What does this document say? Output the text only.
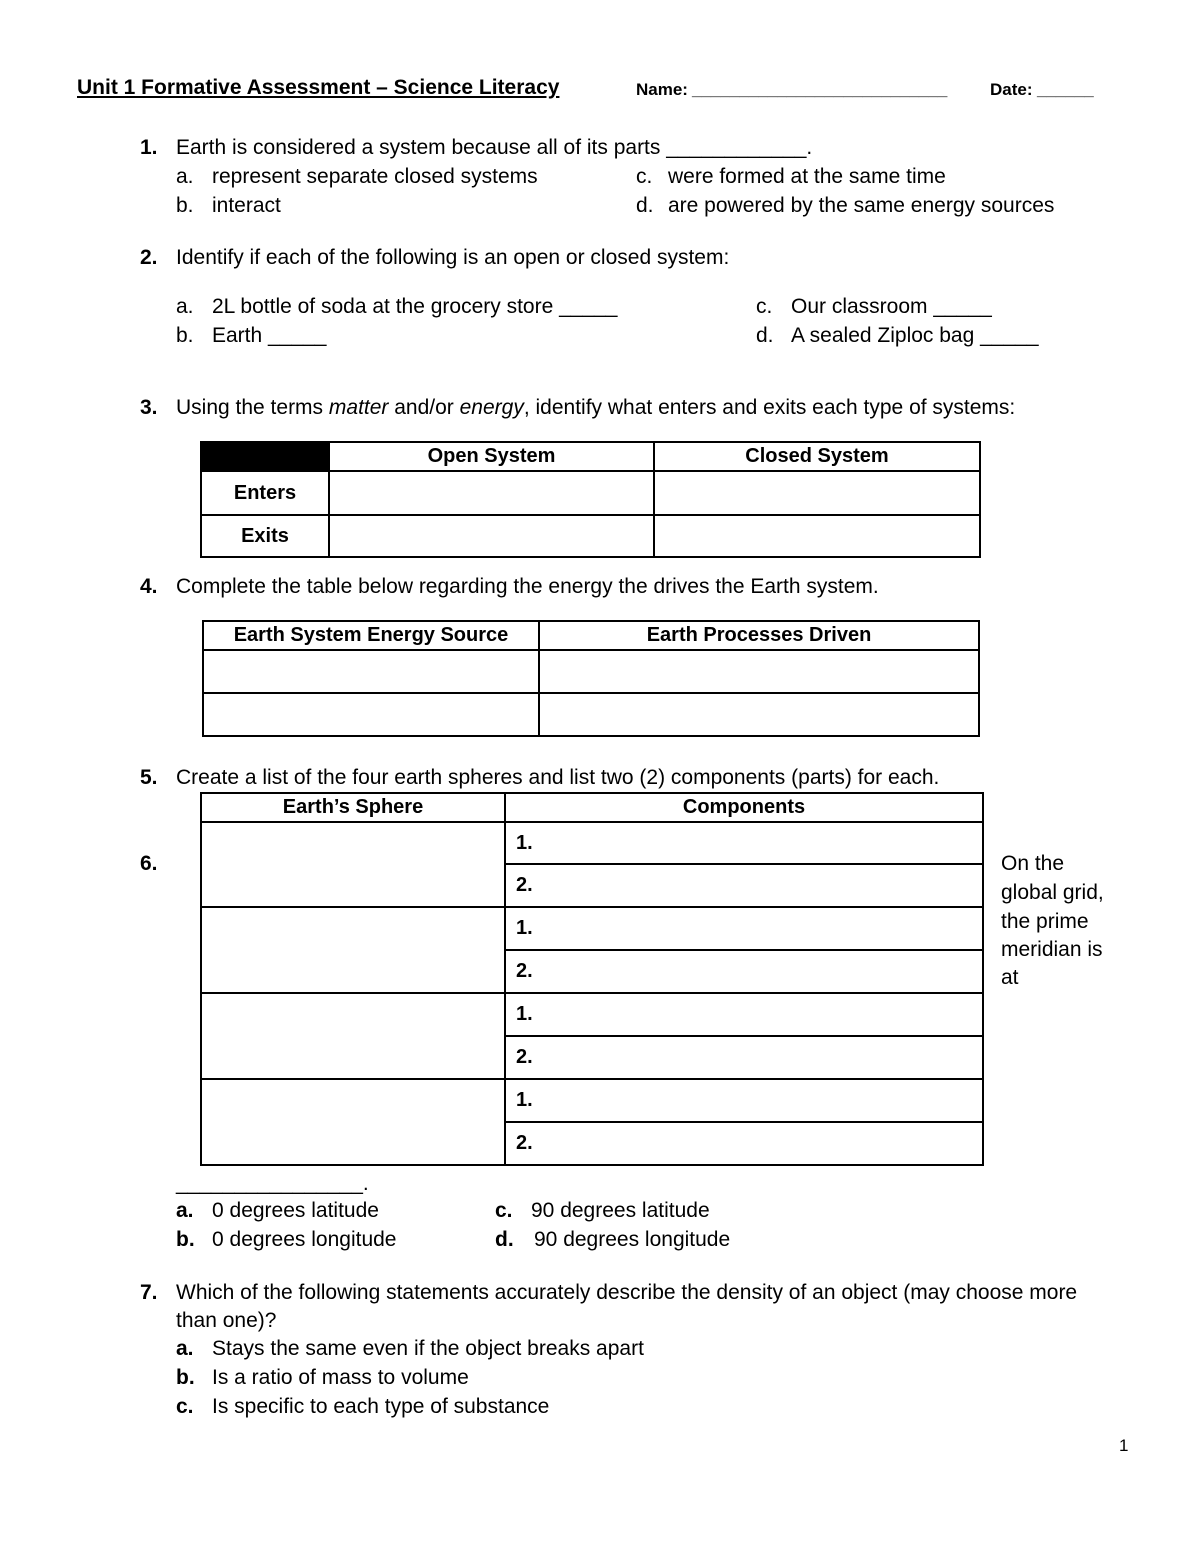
Unit 1 Formative Assessment – Science Literacy	Name: ___________________________	Date: ______
1. Earth is considered a system because all of its parts ____________.
a. represent separate closed systems
b. interact
c. were formed at the same time
d. are powered by the same energy sources
2. Identify if each of the following is an open or closed system:
a. 2L bottle of soda at the grocery store _____
b. Earth _____
c. Our classroom _____
d. A sealed Ziploc bag _____
3. Using the terms matter and/or energy, identify what enters and exits each type of systems:
	Open System	Closed System
Enters		
Exits		
4. Complete the table below regarding the energy the drives the Earth system.
Earth System Energy Source	Earth Processes Driven

5. Create a list of the four earth spheres and list two (2) components (parts) for each.
Earth’s Sphere	Components
	1.
	2.
	1.
	2.
	1.
	2.
	1.
	2.
6.	On the
global grid,
the prime
meridian is
at
________________.
a. 0 degrees latitude
b. 0 degrees longitude
c. 90 degrees latitude
d. 90 degrees longitude
7. Which of the following statements accurately describe the density of an object (may choose more
than one)?
a. Stays the same even if the object breaks apart
b. Is a ratio of mass to volume
c. Is specific to each type of substance
1
